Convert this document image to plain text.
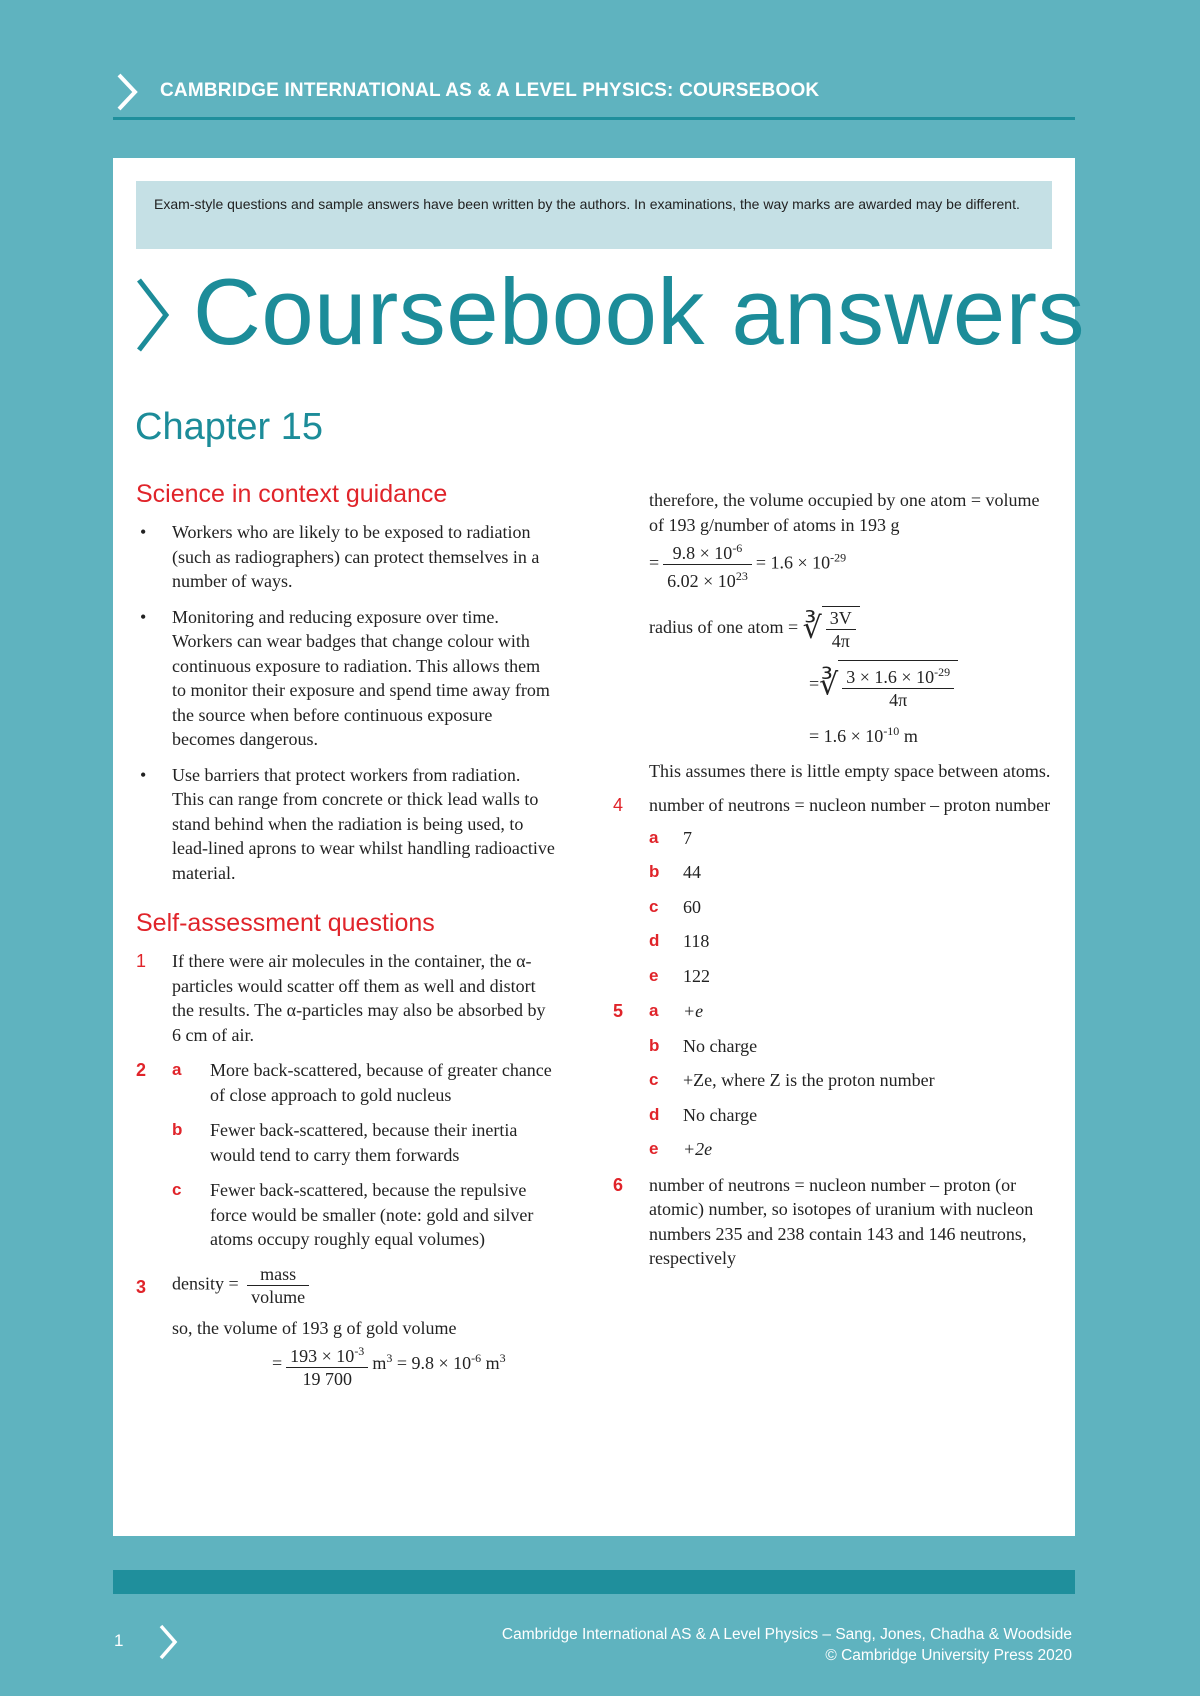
CAMBRIDGE INTERNATIONAL AS & A LEVEL PHYSICS: COURSEBOOK

Exam-style questions and sample answers have been written by the authors. In examinations, the way marks are awarded may be different.

Coursebook answers
Chapter 15
Science in context guidance
• Workers who are likely to be exposed to radiation (such as radiographers) can protect themselves in a number of ways.
• Monitoring and reducing exposure over time. Workers can wear badges that change colour with continuous exposure to radiation. This allows them to monitor their exposure and spend time away from the source when before continuous exposure becomes dangerous.
• Use barriers that protect workers from radiation. This can range from concrete or thick lead walls to stand behind when the radiation is being used, to lead-lined aprons to wear whilst handling radioactive material.
Self-assessment questions
1 If there were air molecules in the container, the α-particles would scatter off them as well and distort the results. The α-particles may also be absorbed by 6 cm of air.
2 a More back-scattered, because of greater chance of close approach to gold nucleus
b Fewer back-scattered, because their inertia would tend to carry them forwards
c Fewer back-scattered, because the repulsive force would be smaller (note: gold and silver atoms occupy roughly equal volumes)
3 density = $\frac{\text{mass}}{\text{volume}}$
so, the volume of 193 g of gold volume
= $\frac{193 \times 10^{-3}}{19 700} m^3 = 9.8 \times 10^{-6}$ $m^3$
therefore, the volume occupied by one atom = volume of 193 g/number of atoms in 193 g
= $\frac{9.8 \times 10^{-6}}{6.02 \times 10^{23}} = 1.6 \times 10^{-29}$
radius of one atom = ∛ $\frac{3V}{4\pi}$
=∛ $\frac{3 \times 1.6 \times 10^{-29}}{4\pi}$
= $1.6 \times 10^{-10}$ m
This assumes there is little empty space between atoms.
4 number of neutrons = nucleon number – proton number
a 7
b 44
c 60
d 118
e 122
5 a +e
b No charge
c +Ze, where Z is the proton number
d No charge
e +2e
6 number of neutrons = nucleon number – proton (or atomic) number, so isotopes of uranium with nucleon numbers 235 and 238 contain 143 and 146 neutrons, respectively
1	Cambridge International AS & A Level Physics – Sang, Jones, Chadha & Woodside
© Cambridge University Press 2020
